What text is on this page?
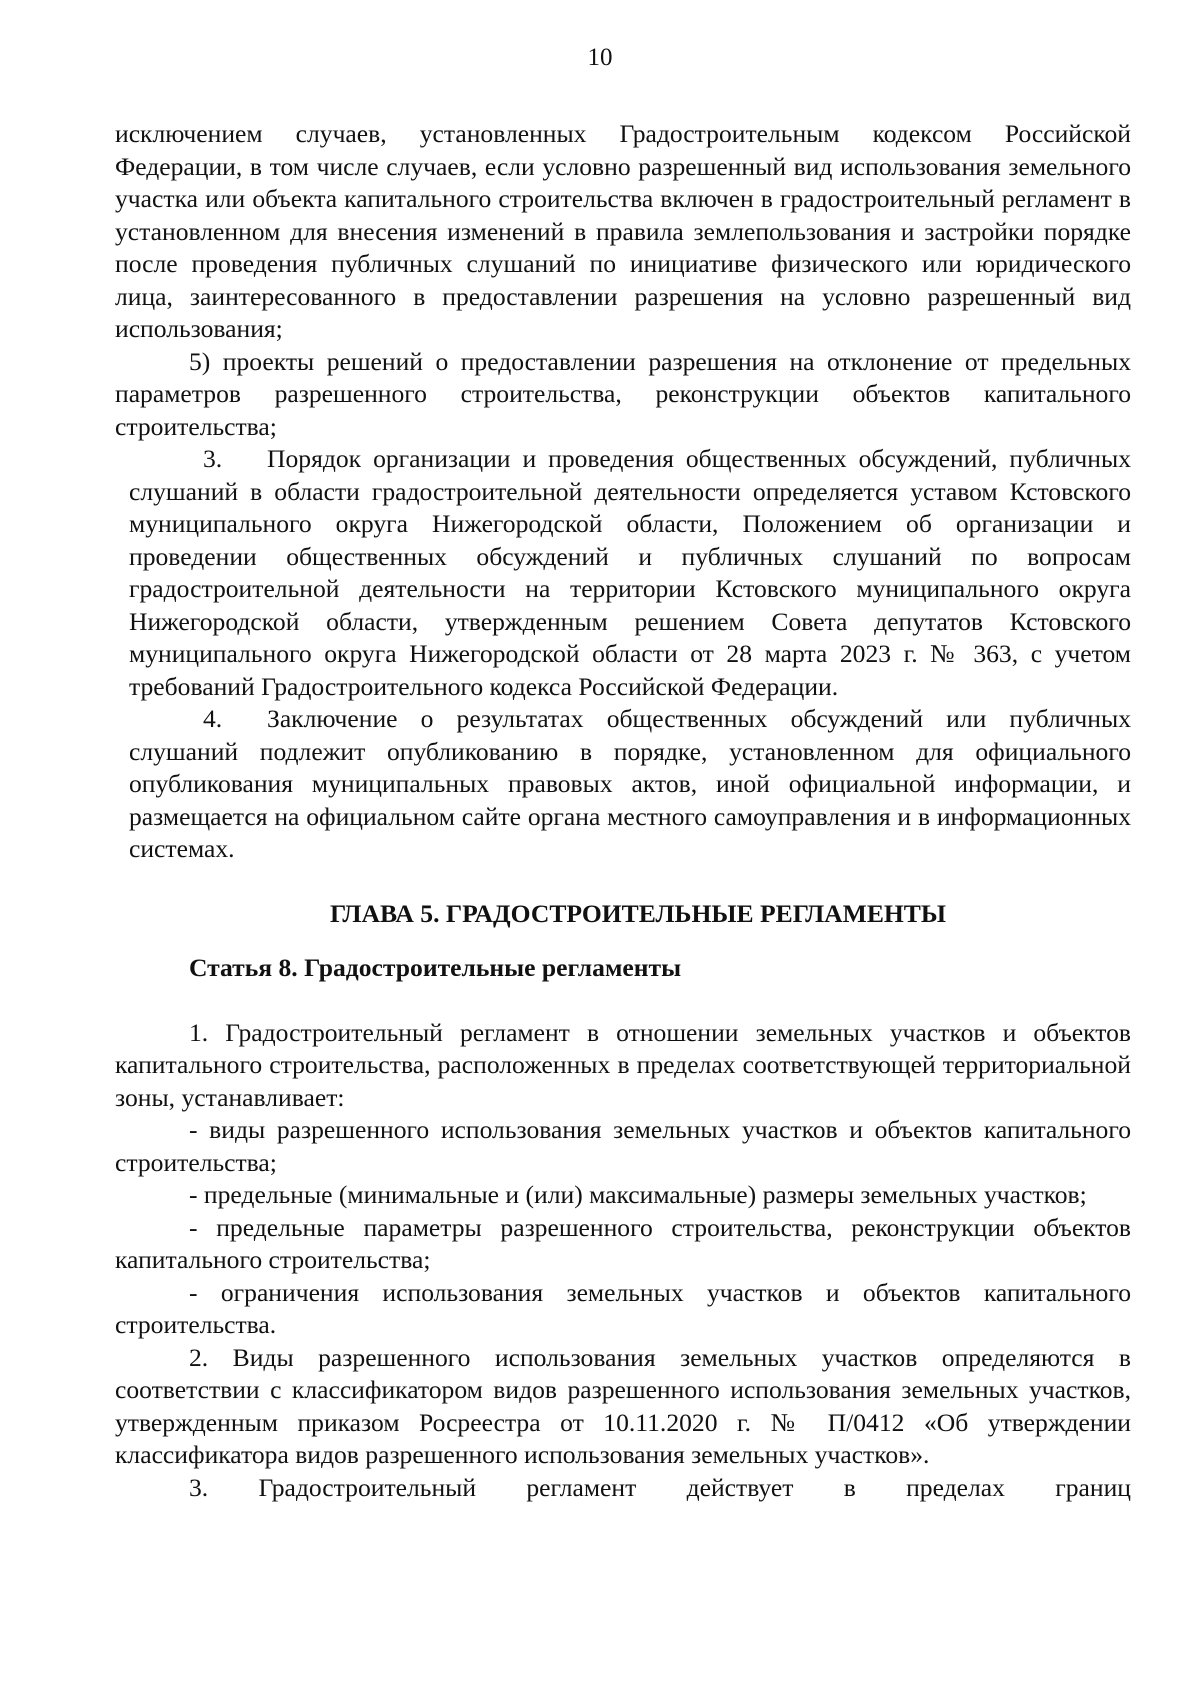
10

исключением случаев, установленных Градостроительным кодексом Российской Федерации, в том числе случаев, если условно разрешенный вид использования земельного участка или объекта капитального строительства включен в градостроительный регламент в установленном для внесения изменений в правила землепользования и застройки порядке после проведения публичных слушаний по инициативе физического или юридического лица, заинтересованного в предоставлении разрешения на условно разрешенный вид использования;

5) проекты решений о предоставлении разрешения на отклонение от предельных параметров разрешенного строительства, реконструкции объектов капитального строительства;

3. Порядок организации и проведения общественных обсуждений, публичных слушаний в области градостроительной деятельности определяется уставом Кстовского муниципального округа Нижегородской области, Положением об организации и проведении общественных обсуждений и публичных слушаний по вопросам градостроительной деятельности на территории Кстовского муниципального округа Нижегородской области, утвержденным решением Совета депутатов Кстовского муниципального округа Нижегородской области от 28 марта 2023 г. № 363, с учетом требований Градостроительного кодекса Российской Федерации.

4. Заключение о результатах общественных обсуждений или публичных слушаний подлежит опубликованию в порядке, установленном для официального опубликования муниципальных правовых актов, иной официальной информации, и размещается на официальном сайте органа местного самоуправления и в информационных системах.

ГЛАВА 5. ГРАДОСТРОИТЕЛЬНЫЕ РЕГЛАМЕНТЫ

Статья 8. Градостроительные регламенты

1. Градостроительный регламент в отношении земельных участков и объектов капитального строительства, расположенных в пределах соответствующей территориальной зоны, устанавливает:

- виды разрешенного использования земельных участков и объектов капитального строительства;

- предельные (минимальные и (или) максимальные) размеры земельных участков;

- предельные параметры разрешенного строительства, реконструкции объектов капитального строительства;

- ограничения использования земельных участков и объектов капитального строительства.

2. Виды разрешенного использования земельных участков определяются в соответствии с классификатором видов разрешенного использования земельных участков, утвержденным приказом Росреестра от 10.11.2020 г. № П/0412 «Об утверждении классификатора видов разрешенного использования земельных участков».

3. Градостроительный регламент действует в пределах границ
